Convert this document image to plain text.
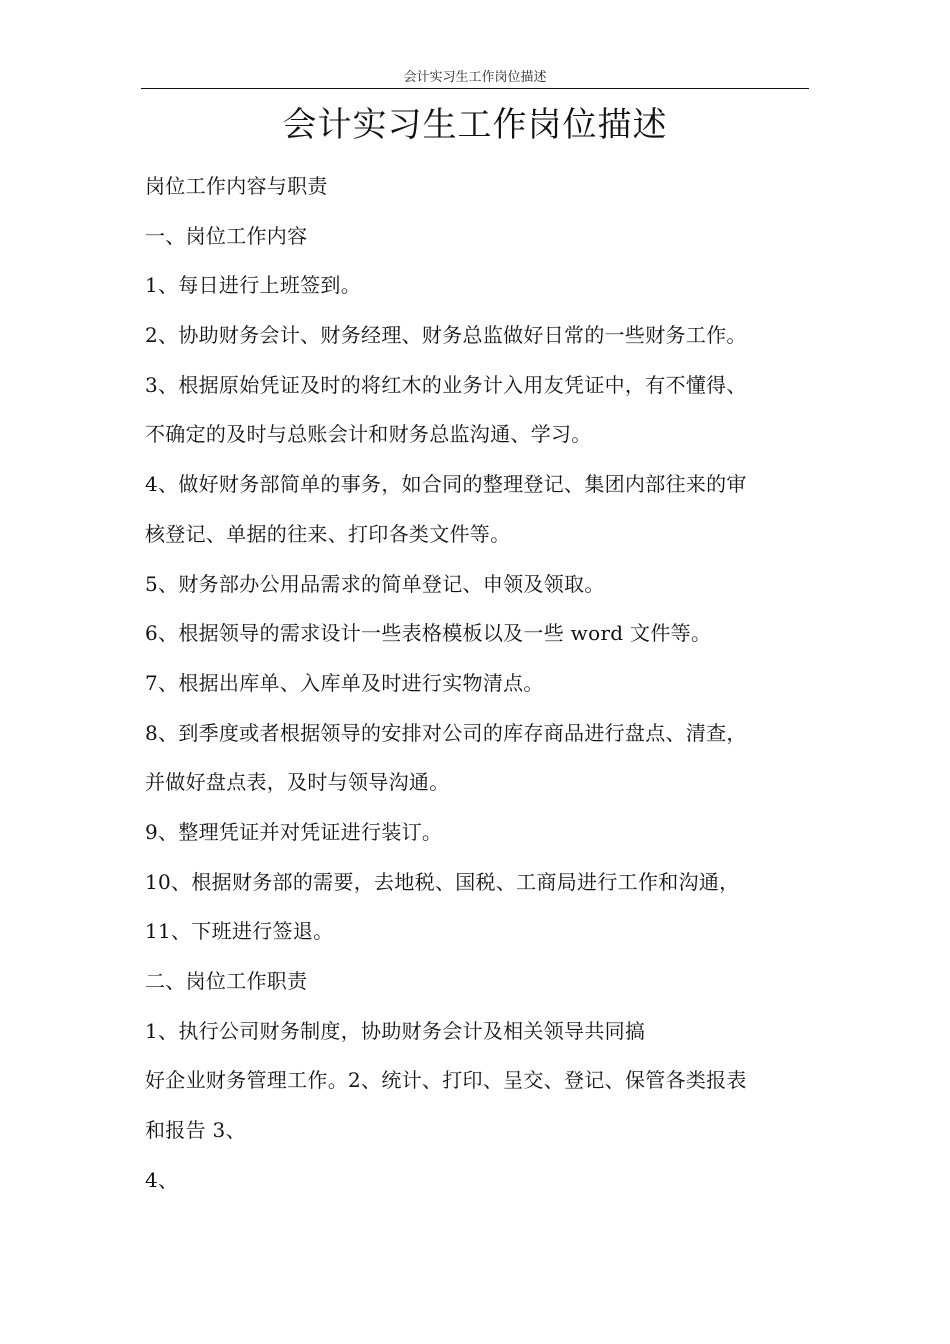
会计实习生工作岗位描述
会计实习生工作岗位描述
岗位工作内容与职责
一、岗位工作内容
1、每日进行上班签到。
2、协助财务会计、财务经理、财务总监做好日常的一些财务工作。
3、根据原始凭证及时的将红木的业务计入用友凭证中，有不懂得、
不确定的及时与总账会计和财务总监沟通、学习。
4、做好财务部简单的事务，如合同的整理登记、集团内部往来的审
核登记、单据的往来、打印各类文件等。
5、财务部办公用品需求的简单登记、申领及领取。
6、根据领导的需求设计一些表格模板以及一些 word 文件等。
7、根据出库单、入库单及时进行实物清点。
8、到季度或者根据领导的安排对公司的库存商品进行盘点、清查，
并做好盘点表，及时与领导沟通。
9、整理凭证并对凭证进行装订。
10、根据财务部的需要，去地税、国税、工商局进行工作和沟通，
11、下班进行签退。
二、岗位工作职责
1、执行公司财务制度，协助财务会计及相关领导共同搞
好企业财务管理工作。2、统计、打印、呈交、登记、保管各类报表
和报告 3、
4、
